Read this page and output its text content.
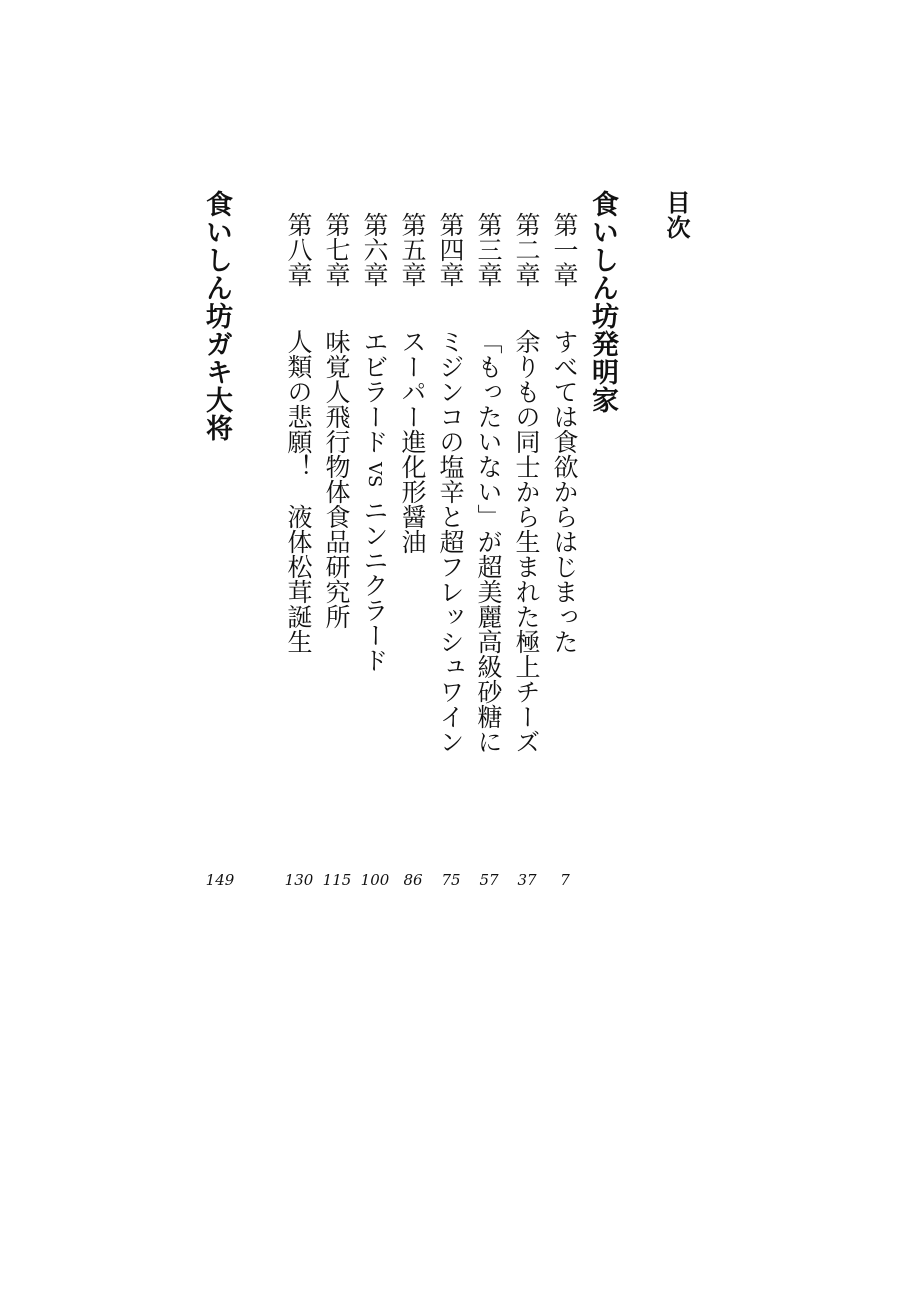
目次
食いしん坊発明家
第一章
すべては食欲からはじまった
7
第二章
余りもの同士から生まれた極上チーズ
37
第三章
「もったいない」が超美麗高級砂糖に
57
第四章
ミジンコの塩辛と超フレッシュワイン
75
第五章
スーパー進化形醤油
86
第六章
エビラードVSニンニクラード
100
第七章
味覚人飛行物体食品研究所
115
第八章
人類の悲願！　液体松茸誕生
130
食いしん坊ガキ大将
149
